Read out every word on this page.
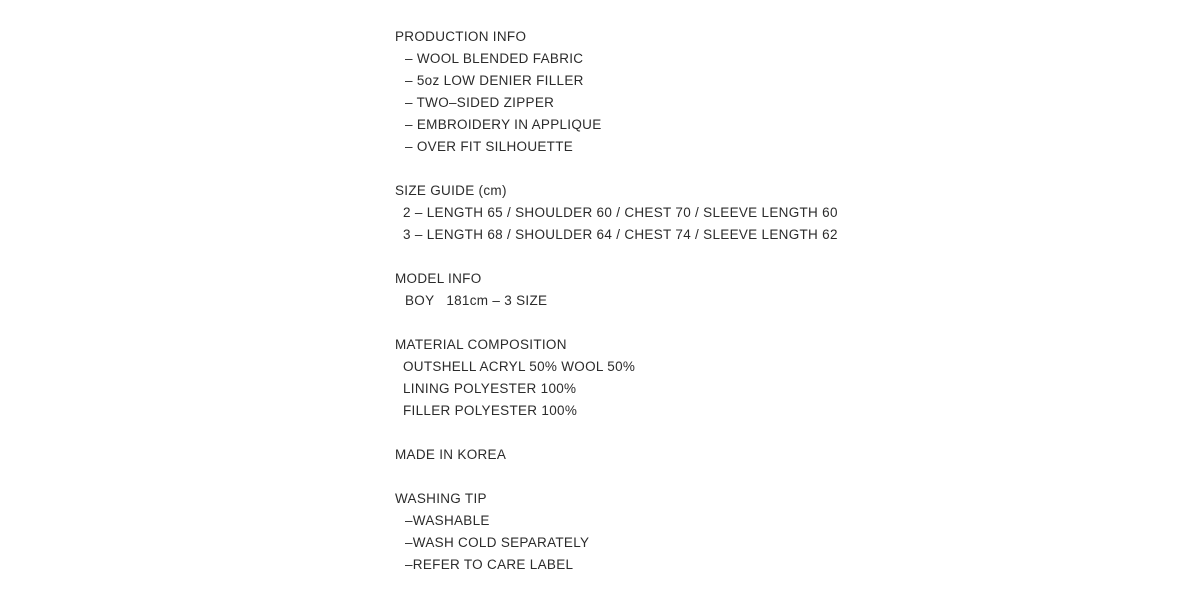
PRODUCTION INFO
– WOOL BLENDED FABRIC
– 5oz LOW DENIER FILLER
– TWO–SIDED ZIPPER
– EMBROIDERY IN APPLIQUE
– OVER FIT SILHOUETTE
SIZE GUIDE (cm)
2 – LENGTH 65 / SHOULDER 60 / CHEST 70 / SLEEVE LENGTH 60
3 – LENGTH 68 / SHOULDER 64 / CHEST 74 / SLEEVE LENGTH 62
MODEL INFO
BOY   181cm – 3 SIZE
MATERIAL COMPOSITION
OUTSHELL ACRYL 50% WOOL 50%
LINING POLYESTER 100%
FILLER POLYESTER 100%
MADE IN KOREA
WASHING TIP
–WASHABLE
–WASH COLD SEPARATELY
–REFER TO CARE LABEL
